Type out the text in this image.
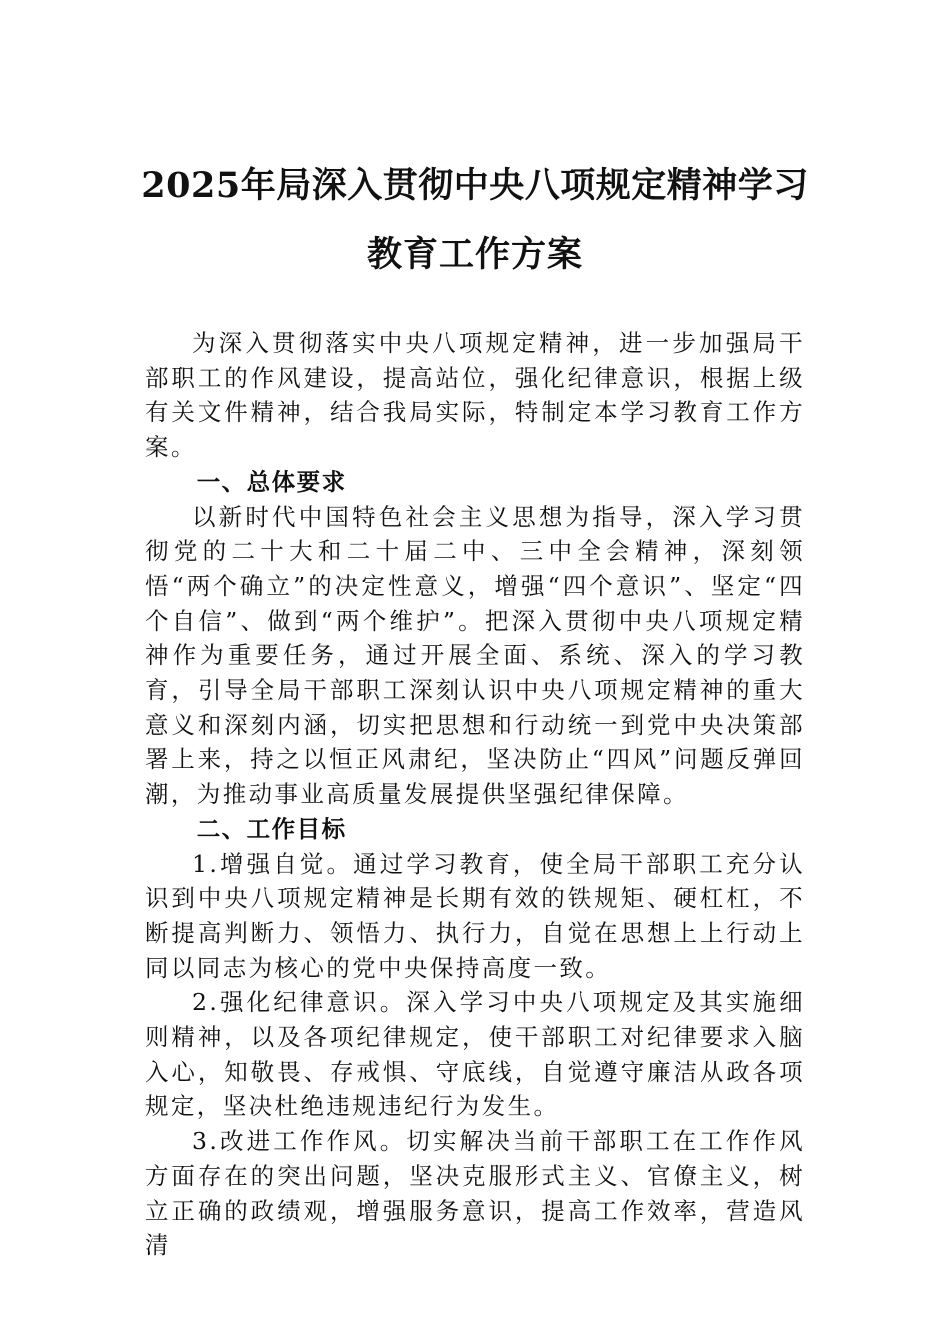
2025年局深入贯彻中央八项规定精神学习
教育工作方案

为深入贯彻落实中央八项规定精神，进一步加强局干部职工的作风建设，提高站位，强化纪律意识，根据上级有关文件精神，结合我局实际，特制定本学习教育工作方案。

一、总体要求

以新时代中国特色社会主义思想为指导，深入学习贯彻党的二十大和二十届二中、三中全会精神，深刻领悟“两个确立”的决定性意义，增强“四个意识”、坚定“四个自信”、做到“两个维护”。把深入贯彻中央八项规定精神作为重要任务，通过开展全面、系统、深入的学习教育，引导全局干部职工深刻认识中央八项规定精神的重大意义和深刻内涵，切实把思想和行动统一到党中央决策部署上来，持之以恒正风肃纪，坚决防止“四风”问题反弹回潮，为推动事业高质量发展提供坚强纪律保障。

二、工作目标

1.增强自觉。通过学习教育，使全局干部职工充分认识到中央八项规定精神是长期有效的铁规矩、硬杠杠，不断提高判断力、领悟力、执行力，自觉在思想上上行动上同以同志为核心的党中央保持高度一致。

2.强化纪律意识。深入学习中央八项规定及其实施细则精神，以及各项纪律规定，使干部职工对纪律要求入脑入心，知敬畏、存戒惧、守底线，自觉遵守廉洁从政各项规定，坚决杜绝违规违纪行为发生。

3.改进工作作风。切实解决当前干部职工在工作作风方面存在的突出问题，坚决克服形式主义、官僚主义，树立正确的政绩观，增强服务意识，提高工作效率，营造风清
